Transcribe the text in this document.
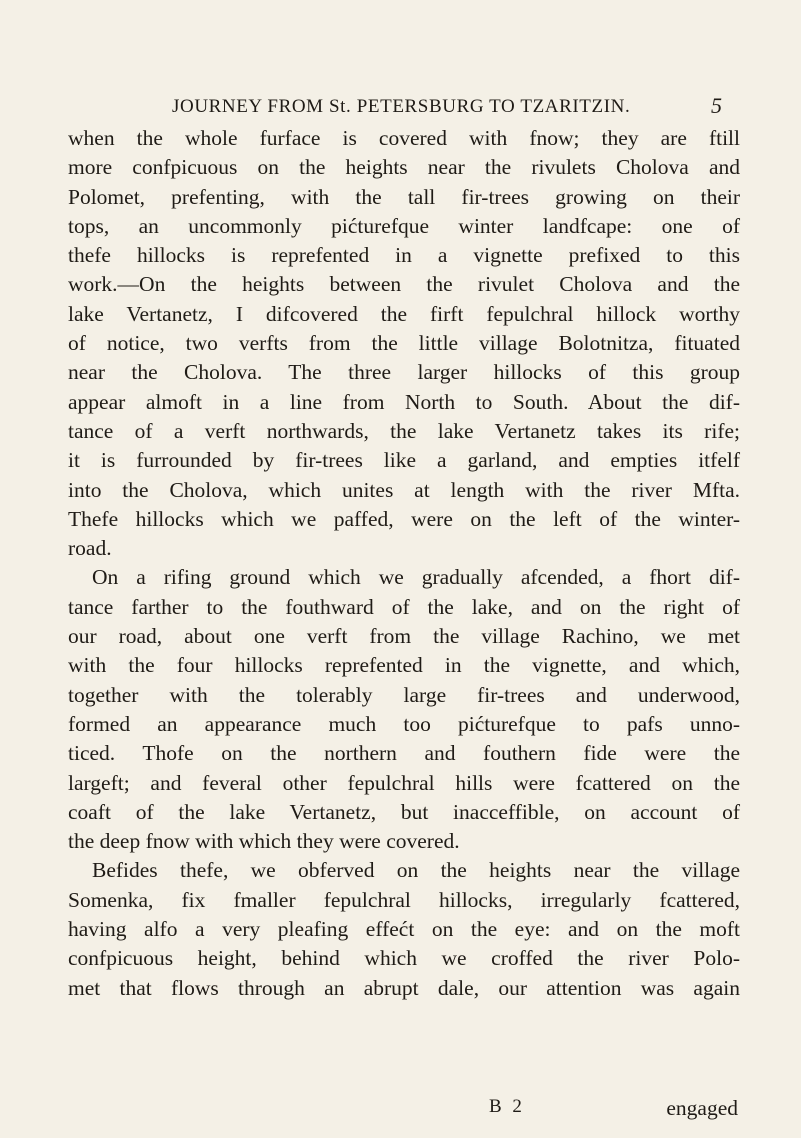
JOURNEY FROM St. PETERSBURG TO TZARITZIN.	5
when the whole furface is covered with fnow; they are ftill
more confpicuous on the heights near the rivulets Cholova and
Polomet, prefenting, with the tall fir-trees growing on their
tops, an uncommonly pićturefque winter landfcape: one of
thefe hillocks is reprefented in a vignette prefixed to this
work.—On the heights between the rivulet Cholova and the
lake Vertanetz, I difcovered the firft fepulchral hillock worthy
of notice, two verfts from the little village Bolotnitza, fituated
near the Cholova. The three larger hillocks of this group
appear almoft in a line from North to South. About the dif-
tance of a verft northwards, the lake Vertanetz takes its rife;
it is furrounded by fir-trees like a garland, and empties itfelf
into the Cholova, which unites at length with the river Mfta.
Thefe hillocks which we paffed, were on the left of the winter-
road.
On a rifing ground which we gradually afcended, a fhort dif-
tance farther to the fouthward of the lake, and on the right of
our road, about one verft from the village Rachino, we met
with the four hillocks reprefented in the vignette, and which,
together with the tolerably large fir-trees and underwood,
formed an appearance much too pićturefque to pafs unno-
ticed. Thofe on the northern and fouthern fide were the
largeft; and feveral other fepulchral hills were fcattered on the
coaft of the lake Vertanetz, but inacceffible, on account of
the deep fnow with which they were covered.
Befides thefe, we obferved on the heights near the village
Somenka, fix fmaller fepulchral hillocks, irregularly fcattered,
having alfo a very pleafing effećt on the eye: and on the moft
confpicuous height, behind which we croffed the river Polo-
met that flows through an abrupt dale, our attention was again
B 2	engaged
